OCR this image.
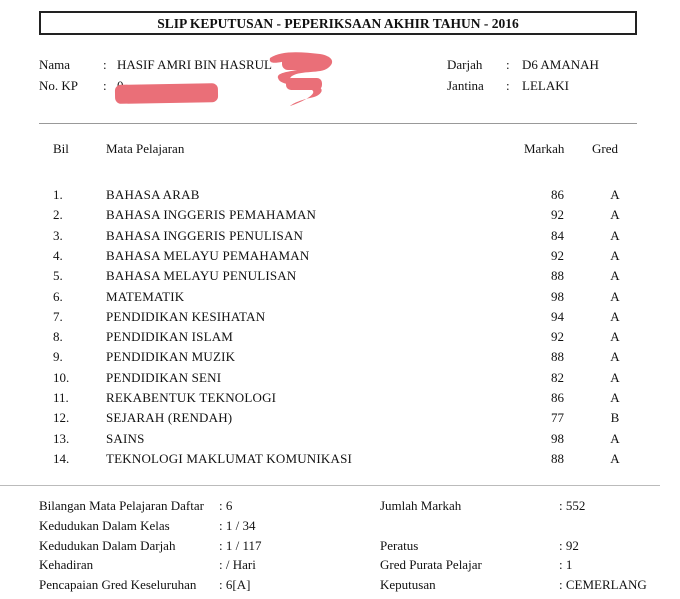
SLIP KEPUTUSAN - PEPERIKSAAN AKHIR TAHUN - 2016
Nama	: HASIF AMRI BIN HASRUL
No. KP :
Darjah : D6 AMANAH
Jantina : LELAKI
Bil	Mata Pelajaran	Markah Gred
1.	BAHASA ARAB	86	A
2.	BAHASA INGGERIS PEMAHAMAN	92	A
3.	BAHASA INGGERIS PENULISAN	84	A
4.	BAHASA MELAYU PEMAHAMAN	92	A
5.	BAHASA MELAYU PENULISAN	88	A
6.	MATEMATIK	98	A
7.	PENDIDIKAN KESIHATAN	94	A
8.	PENDIDIKAN ISLAM	92	A
9.	PENDIDIKAN MUZIK	88	A
10.	PENDIDIKAN SENI	82	A
11.	REKABENTUK TEKNOLOGI	86	A
12.	SEJARAH (RENDAH)	77	B
13.	SAINS	98	A
14.	TEKNOLOGI MAKLUMAT KOMUNIKASI	88	A
Bilangan Mata Pelajaran Daftar : 6
Kedudukan Dalam Kelas	: 1 / 34
Kedudukan Dalam Darjah	: 1 / 117
Kehadiran	: / Hari
Pencapaian Gred Keseluruhan : 6[A]
Jumlah Markah	: 552
Peratus	: 92
Gred Purata Pelajar	: 1
Keputusan	: CEMERLANG
